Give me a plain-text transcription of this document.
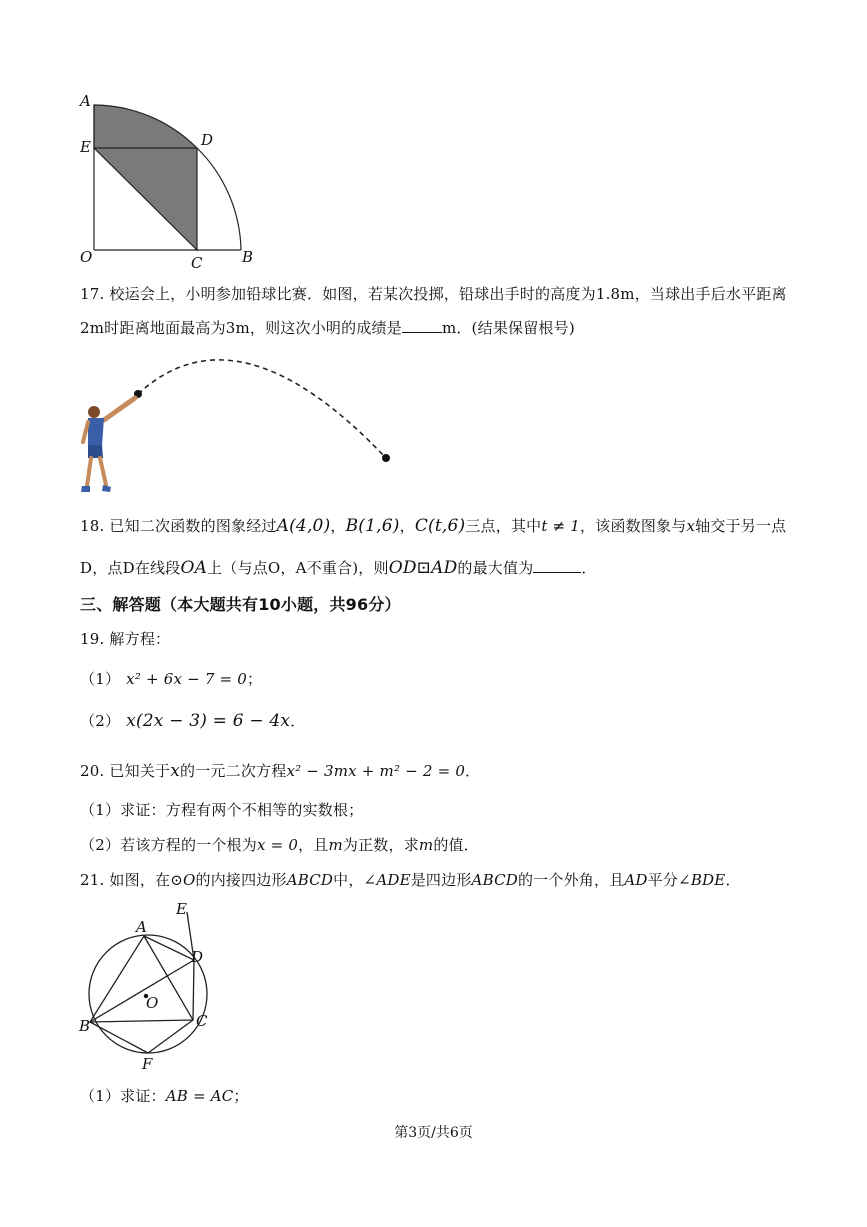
A
E	D
O	C	B
17. 校运会上，小明参加铅球比赛．如图，若某次投掷，铅球出手时的高度为1.8m，当球出手后水平距离
2m时距离地面最高为3m，则这次小明的成绩是	m．(结果保留根号)
18. 已知二次函数的图象经过A(4,0)，B(1,6)，C(t,6)三点，其中t ≠ 1，该函数图象与x轴交于另一点
D，点D在线段OA上（与点O，A不重合)，则OD⊡AD的最大值为	．
三、解答题（本大题共有10小题，共96分）
19. 解方程：
（1） x² + 6x − 7 = 0；
（2） x(2x − 3) = 6 − 4x．
20. 已知关于x的一元二次方程x² − 3mx + m² − 2 = 0．
（1）求证：方程有两个不相等的实数根；
（2）若该方程的一个根为x = 0，且m为正数，求m的值．
21. 如图，在⊙O的内接四边形ABCD中，∠ADE是四边形ABCD的一个外角，且AD平分∠BDE．
A
E
D
O
B	C
F
（1）求证：AB = AC；
第3页/共6页
